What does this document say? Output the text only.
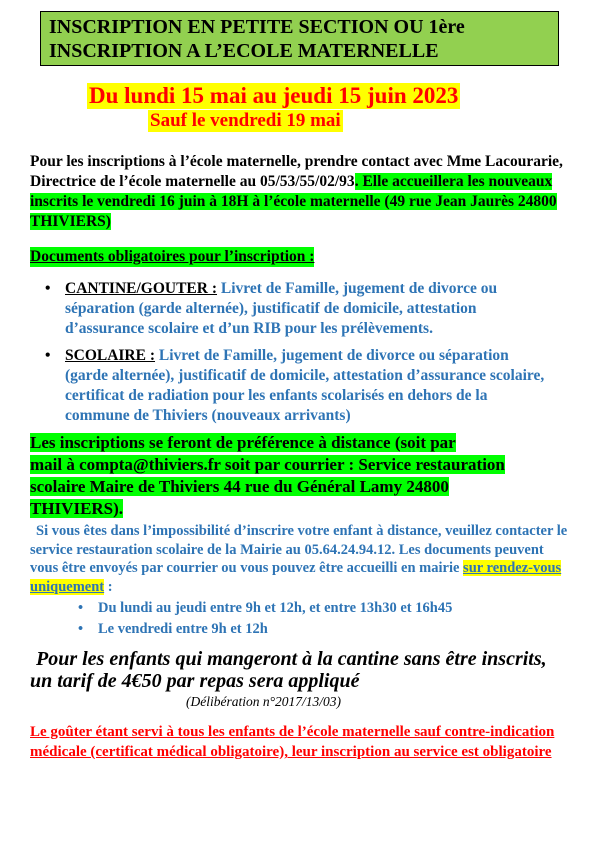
INSCRIPTION EN PETITE SECTION OU 1ère
INSCRIPTION A L’ECOLE MATERNELLE
Du lundi 15 mai au jeudi 15 juin 2023
Sauf le vendredi 19 mai
Pour les inscriptions à l’école maternelle, prendre contact avec Mme Lacourarie, Directrice de l’école maternelle au 05/53/55/02/93. Elle accueillera les nouveaux inscrits le vendredi 16 juin à 18H à l’école maternelle (49 rue Jean Jaurès 24800 THIVIERS)
Documents obligatoires pour l’inscription :
• CANTINE/GOUTER : Livret de Famille, jugement de divorce ou séparation (garde alternée), justificatif de domicile, attestation d’assurance scolaire et d’un RIB pour les prélèvements.
• SCOLAIRE : Livret de Famille, jugement de divorce ou séparation (garde alternée), justificatif de domicile, attestation d’assurance scolaire, certificat de radiation pour les enfants scolarisés en dehors de la commune de Thiviers (nouveaux arrivants)
Les inscriptions se feront de préférence à distance (soit par
mail à compta@thiviers.fr soit par courrier : Service restauration
scolaire Maire de Thiviers 44 rue du Général Lamy 24800
THIVIERS).
Si vous êtes dans l’impossibilité d’inscrire votre enfant à distance, veuillez contacter le service restauration scolaire de la Mairie au 05.64.24.94.12. Les documents peuvent vous être envoyés par courrier ou vous pouvez être accueilli en mairie sur rendez-vous uniquement :
• Du lundi au jeudi entre 9h et 12h, et entre 13h30 et 16h45
• Le vendredi entre 9h et 12h
Pour les enfants qui mangeront à la cantine sans être inscrits, un tarif de 4€50 par repas sera appliqué
(Délibération n°2017/13/03)
Le goûter étant servi à tous les enfants de l’école maternelle sauf contre-indication médicale (certificat médical obligatoire), leur inscription au service est obligatoire
